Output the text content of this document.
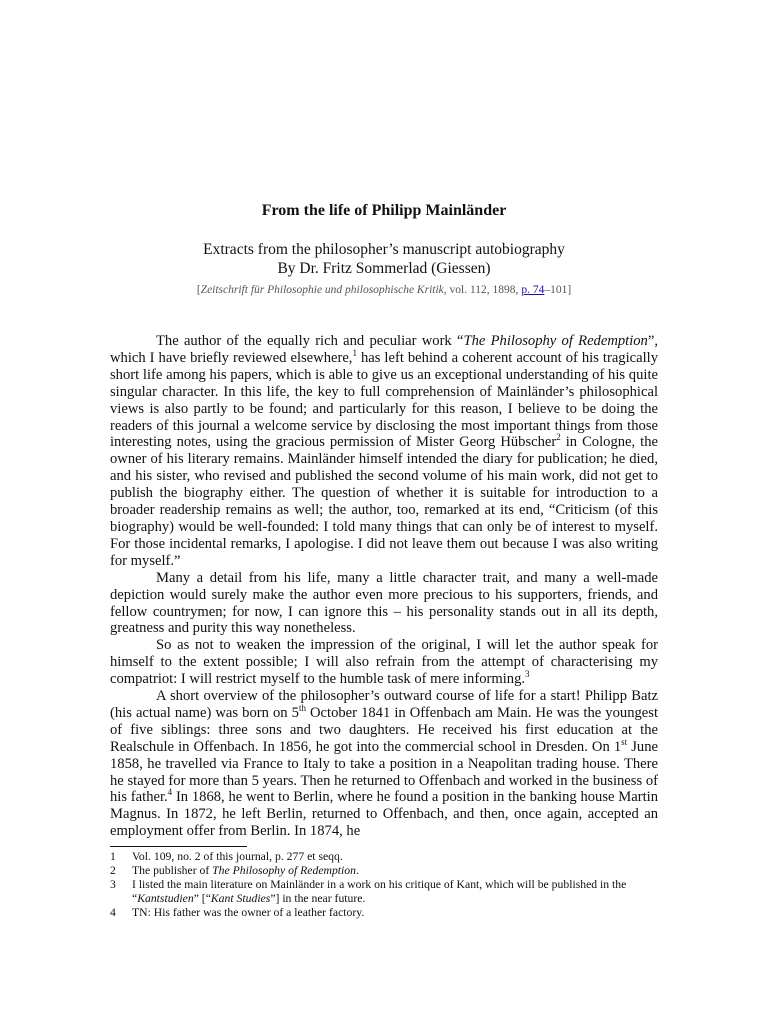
From the life of Philipp Mainländer
Extracts from the philosopher’s manuscript autobiography
By Dr. Fritz Sommerlad (Giessen)
[Zeitschrift für Philosophie und philosophische Kritik, vol. 112, 1898, p. 74–101]

The author of the equally rich and peculiar work “The Philosophy of Redemption”, which I have briefly reviewed elsewhere,$^1$ has left behind a coherent account of his tragically short life among his papers, which is able to give us an exceptional understanding of his quite singular character. In this life, the key to full comprehension of Mainländer’s philosophical views is also partly to be found; and particularly for this reason, I believe to be doing the readers of this journal a welcome service by disclosing the most important things from those interesting notes, using the gracious permission of Mister Georg Hübscher$^2$ in Cologne, the owner of his literary remains. Mainländer himself intended the diary for publication; he died, and his sister, who revised and published the second volume of his main work, did not get to publish the biography either. The question of whether it is suitable for introduction to a broader readership remains as well; the author, too, remarked at its end, “Criticism (of this biography) would be well-founded: I told many things that can only be of interest to myself. For those incidental remarks, I apologise. I did not leave them out because I was also writing for myself.”

Many a detail from his life, many a little character trait, and many a well-made depiction would surely make the author even more precious to his supporters, friends, and fellow countrymen; for now, I can ignore this – his personality stands out in all its depth, greatness and purity this way nonetheless.

So as not to weaken the impression of the original, I will let the author speak for himself to the extent possible; I will also refrain from the attempt of characterising my compatriot: I will restrict myself to the humble task of mere informing.$^3$

A short overview of the philosopher’s outward course of life for a start! Philipp Batz (his actual name) was born on 5th October 1841 in Offenbach am Main. He was the youngest of five siblings: three sons and two daughters. He received his first education at the Realschule in Offenbach. In 1856, he got into the commercial school in Dresden. On 1st June 1858, he travelled via France to Italy to take a position in a Neapolitan trading house. There he stayed for more than 5 years. Then he returned to Offenbach and worked in the business of his father.$^4$ In 1868, he went to Berlin, where he found a position in the banking house Martin Magnus. In 1872, he left Berlin, returned to Offenbach, and then, once again, accepted an employment offer from Berlin. In 1874, he

1	Vol. 109, no. 2 of this journal, p. 277 et seqq.
2	The publisher of The Philosophy of Redemption.
3	I listed the main literature on Mainländer in a work on his critique of Kant, which will be published in the “Kantstudien” [“Kant Studies”] in the near future.
4	TN: His father was the owner of a leather factory.
